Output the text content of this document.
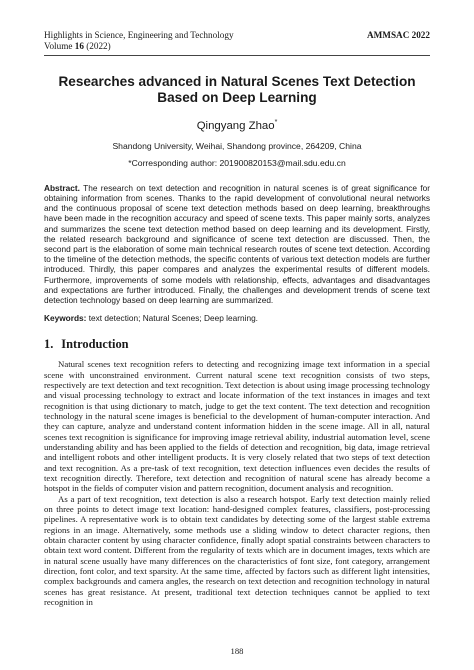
Highlights in Science, Engineering and Technology
Volume 16 (2022)
AMMSAC 2022
Researches advanced in Natural Scenes Text Detection Based on Deep Learning
Qingyang Zhao*
Shandong University, Weihai, Shandong province, 264209, China
*Corresponding author: 201900820153@mail.sdu.edu.cn
Abstract. The research on text detection and recognition in natural scenes is of great significance for obtaining information from scenes. Thanks to the rapid development of convolutional neural networks and the continuous proposal of scene text detection methods based on deep learning, breakthroughs have been made in the recognition accuracy and speed of scene texts. This paper mainly sorts, analyzes and summarizes the scene text detection method based on deep learning and its development. Firstly, the related research background and significance of scene text detection are discussed. Then, the second part is the elaboration of some main technical research routes of scene text detection. According to the timeline of the detection methods, the specific contents of various text detection models are further introduced. Thirdly, this paper compares and analyzes the experimental results of different models. Furthermore, improvements of some models with relationship, effects, advantages and disadvantages and expectations are further introduced. Finally, the challenges and development trends of scene text detection technology based on deep learning are summarized.
Keywords: text detection; Natural Scenes; Deep learning.
1. Introduction

Natural scenes text recognition refers to detecting and recognizing image text information in a special scene with unconstrained environment. Current natural scene text recognition consists of two steps, respectively are text detection and text recognition. Text detection is about using image processing technology and visual processing technology to extract and locate information of the text instances in images and text recognition is that using dictionary to match, judge to get the text content. The text detection and recognition technology in the natural scene images is beneficial to the development of human-computer interaction. And they can capture, analyze and understand content information hidden in the scene image. All in all, natural scenes text recognition is significance for improving image retrieval ability, industrial automation level, scene understanding ability and has been applied to the fields of detection and recognition, big data, image retrieval and intelligent robots and other intelligent products. It is very closely related that two steps of text detection and text recognition. As a pre-task of text recognition, text detection influences even decides the results of text recognition directly. Therefore, text detection and recognition of natural scene has already become a hotspot in the fields of computer vision and pattern recognition, document analysis and recognition.

As a part of text recognition, text detection is also a research hotspot. Early text detection mainly relied on three points to detect image text location: hand-designed complex features, classifiers, post-processing pipelines. A representative work is to obtain text candidates by detecting some of the largest stable extrema regions in an image. Alternatively, some methods use a sliding window to detect character regions, then obtain character content by using character confidence, finally adopt spatial constraints between characters to obtain text word content. Different from the regularity of texts which are in document images, texts which are in natural scene usually have many differences on the characteristics of font size, font category, arrangement direction, font color, and text sparsity. At the same time, affected by factors such as different light intensities, complex backgrounds and camera angles, the research on text detection and recognition technology in natural scenes has great resistance. At present, traditional text detection techniques cannot be applied to text recognition in

188
